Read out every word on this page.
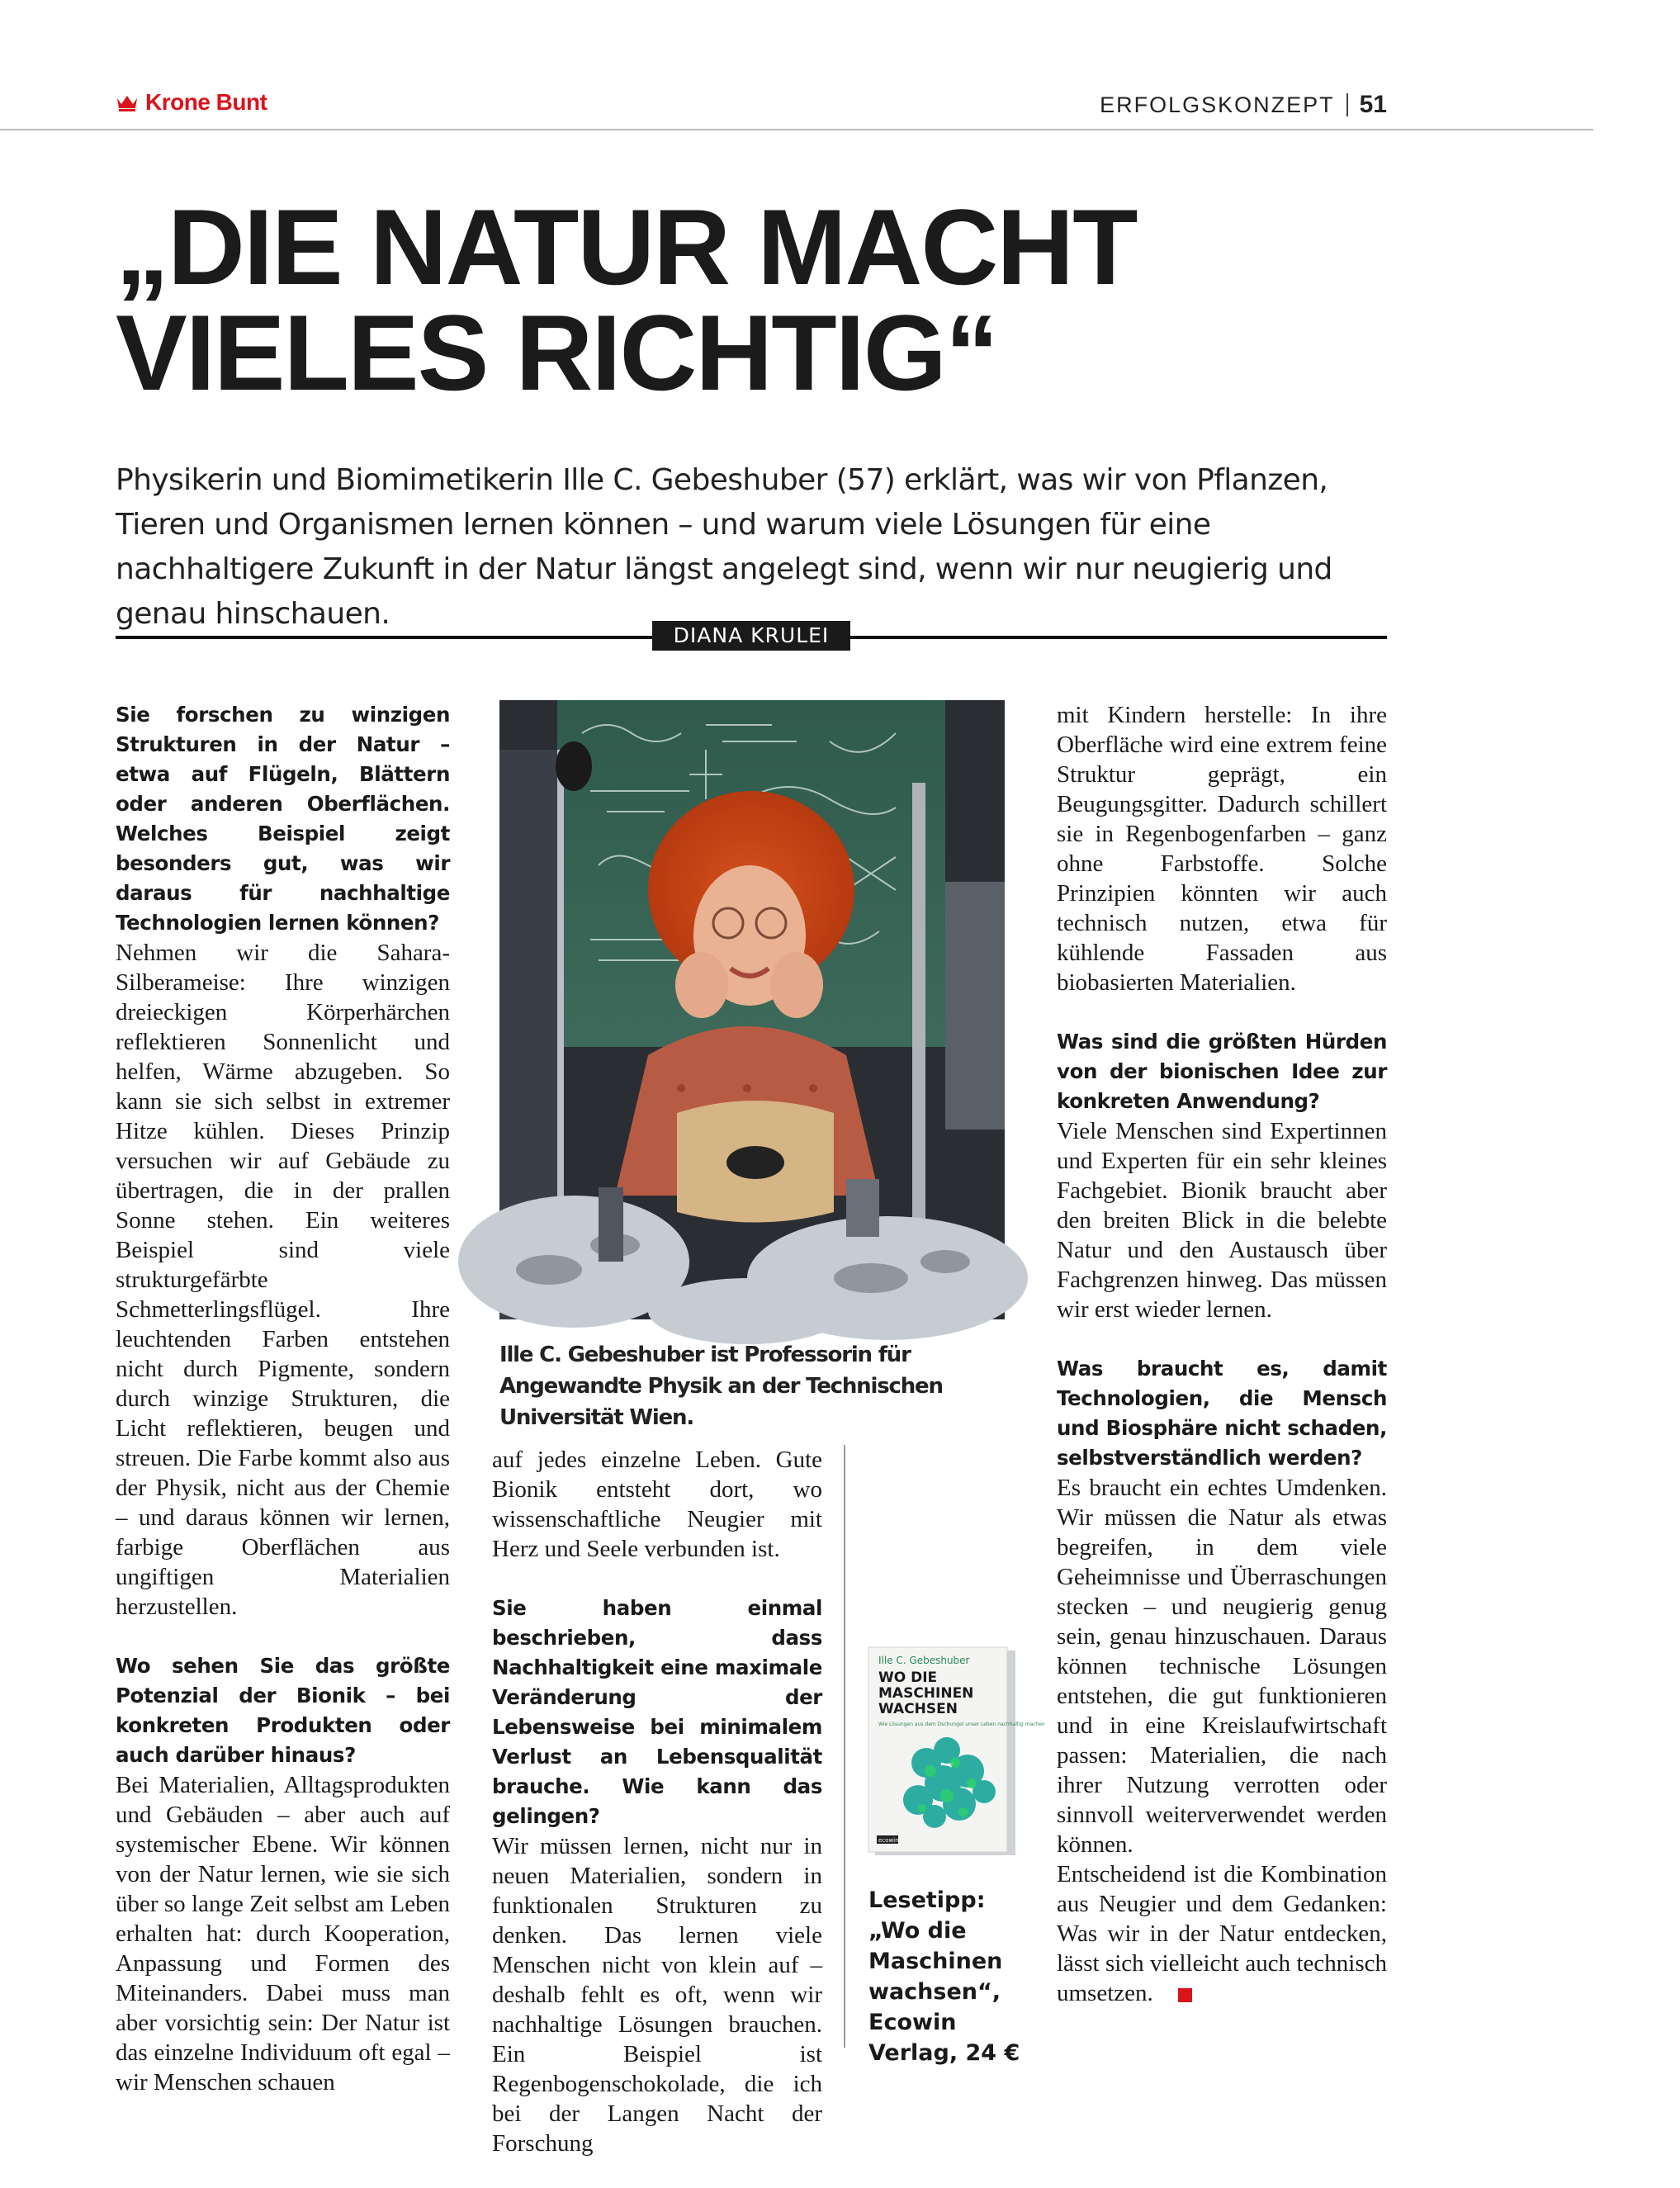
Krone Bunt	ERFOLGSKONZEPT 51
„DIE NATUR MACHT
VIELES RICHTIG“
Physikerin und Biomimetikerin Ille C. Gebeshuber (57) erklärt, was wir von Pflanzen, Tieren und Organismen lernen können – und warum viele Lösungen für eine nachhaltigere Zukunft in der Natur längst angelegt sind, wenn wir nur neugierig und genau hinschauen.
DIANA KRULEI

Sie forschen zu winzigen Strukturen in der Natur – etwa auf Flügeln, Blättern oder anderen Oberflächen. Welches Beispiel zeigt besonders gut, was wir daraus für nachhaltige Technologien lernen können?

Nehmen wir die Sahara-Silberameise: Ihre winzigen dreieckigen Körperhärchen reflektieren Sonnenlicht und helfen, Wärme abzugeben. So kann sie sich selbst in extremer Hitze kühlen. Dieses Prinzip versuchen wir auf Gebäude zu übertragen, die in der prallen Sonne stehen. Ein weiteres Beispiel sind viele strukturgefärbte Schmetterlingsflügel. Ihre leuchtenden Farben entstehen nicht durch Pigmente, sondern durch winzige Strukturen, die Licht reflektieren, beugen und streuen. Die Farbe kommt also aus der Physik, nicht aus der Chemie – und daraus können wir lernen, farbige Oberflächen aus ungiftigen Materialien herzustellen.

Wo sehen Sie das größte Potenzial der Bionik – bei konkreten Produkten oder auch darüber hinaus?

Bei Materialien, Alltagsprodukten und Gebäuden – aber auch auf systemischer Ebene. Wir können von der Natur lernen, wie sie sich über so lange Zeit selbst am Leben erhalten hat: durch Kooperation, Anpassung und Formen des Miteinanders. Dabei muss man aber vorsichtig sein: Der Natur ist das einzelne Individuum oft egal – wir Menschen schauen

Ille C. Gebeshuber ist Professorin für Angewandte Physik an der Technischen Universität Wien.

auf jedes einzelne Leben. Gute Bionik entsteht dort, wo wissenschaftliche Neugier mit Herz und Seele verbunden ist.

Sie haben einmal beschrieben, dass Nachhaltigkeit eine maximale Veränderung der Lebensweise bei minimalem Verlust an Lebensqualität brauche. Wie kann das gelingen?

Wir müssen lernen, nicht nur in neuen Materialien, sondern in funktionalen Strukturen zu denken. Das lernen viele Menschen nicht von klein auf – deshalb fehlt es oft, wenn wir nachhaltige Lösungen brauchen. Ein Beispiel ist Regenbogenschokolade, die ich bei der Langen Nacht der Forschung

Ille C. Gebeshuber
WO DIE
MASCHINEN
WACHSEN
Wie Lösungen aus dem Dschungel unser Leben nachhaltig machen
ecowin
Lesetipp:
„Wo die
Maschinen
wachsen“,
Ecowin
Verlag, 24 €

mit Kindern herstelle: In ihre Oberfläche wird eine extrem feine Struktur geprägt, ein Beugungsgitter. Dadurch schillert sie in Regenbogenfarben – ganz ohne Farbstoffe. Solche Prinzipien könnten wir auch technisch nutzen, etwa für kühlende Fassaden aus biobasierten Materialien.

Was sind die größten Hürden von der bionischen Idee zur konkreten Anwendung?

Viele Menschen sind Expertinnen und Experten für ein sehr kleines Fachgebiet. Bionik braucht aber den breiten Blick in die belebte Natur und den Austausch über Fachgrenzen hinweg. Das müssen wir erst wieder lernen.

Was braucht es, damit Technologien, die Mensch und Biosphäre nicht schaden, selbstverständlich werden?

Es braucht ein echtes Umdenken. Wir müssen die Natur als etwas begreifen, in dem viele Geheimnisse und Überraschungen stecken – und neugierig genug sein, genau hinzuschauen. Daraus können technische Lösungen entstehen, die gut funktionieren und in eine Kreislaufwirtschaft passen: Materialien, die nach ihrer Nutzung verrotten oder sinnvoll weiterverwendet werden können.

Entscheidend ist die Kombination aus Neugier und dem Gedanken: Was wir in der Natur entdecken, lässt sich vielleicht auch technisch umsetzen.
